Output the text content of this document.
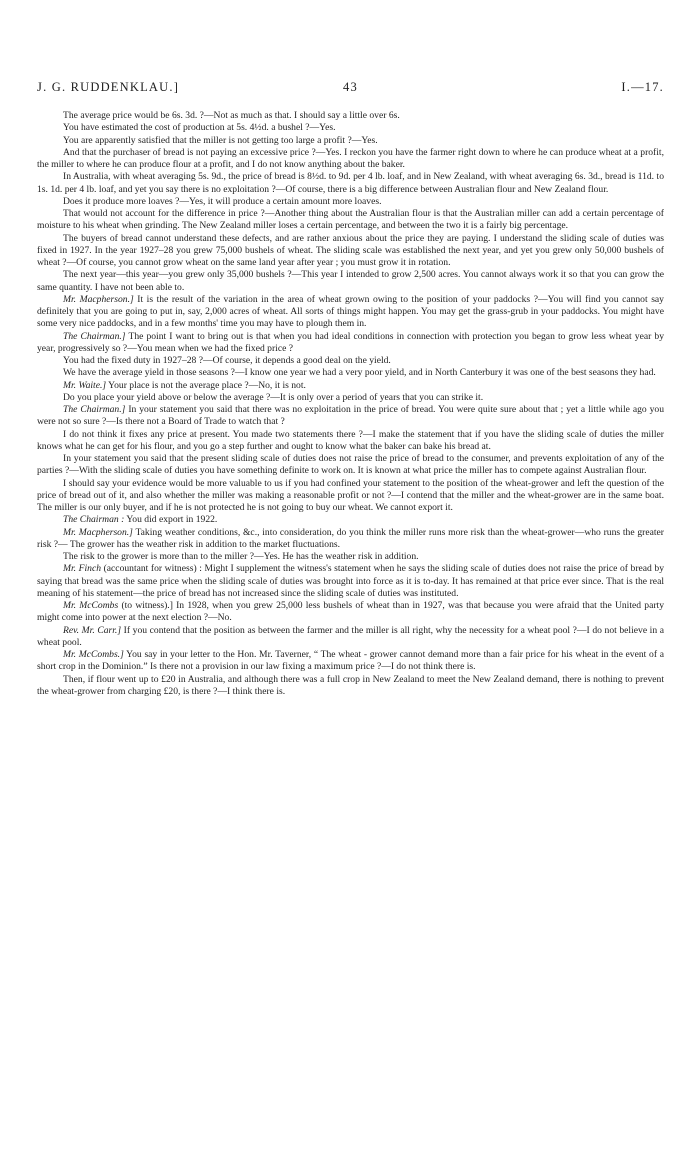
J. G. RUDDENKLAU.]	43	I.—17.

The average price would be 6s. 3d. ?—Not as much as that. I should say a little over 6s.

You have estimated the cost of production at 5s. 4½d. a bushel ?—Yes.

You are apparently satisfied that the miller is not getting too large a profit ?—Yes.

And that the purchaser of bread is not paying an excessive price ?—Yes. I reckon you have the farmer right down to where he can produce wheat at a profit, the miller to where he can produce flour at a profit, and I do not know anything about the baker.

In Australia, with wheat averaging 5s. 9d., the price of bread is 8½d. to 9d. per 4 lb. loaf, and in New Zealand, with wheat averaging 6s. 3d., bread is 11d. to 1s. 1d. per 4 lb. loaf, and yet you say there is no exploitation ?—Of course, there is a big difference between Australian flour and New Zealand flour.

Does it produce more loaves ?—Yes, it will produce a certain amount more loaves.

That would not account for the difference in price ?—Another thing about the Australian flour is that the Australian miller can add a certain percentage of moisture to his wheat when grinding. The New Zealand miller loses a certain percentage, and between the two it is a fairly big percentage.

The buyers of bread cannot understand these defects, and are rather anxious about the price they are paying. I understand the sliding scale of duties was fixed in 1927. In the year 1927–28 you grew 75,000 bushels of wheat. The sliding scale was established the next year, and yet you grew only 50,000 bushels of wheat ?—Of course, you cannot grow wheat on the same land year after year ; you must grow it in rotation.

The next year—this year—you grew only 35,000 bushels ?—This year I intended to grow 2,500 acres. You cannot always work it so that you can grow the same quantity. I have not been able to.

Mr. Macpherson.] It is the result of the variation in the area of wheat grown owing to the position of your paddocks ?—You will find you cannot say definitely that you are going to put in, say, 2,000 acres of wheat. All sorts of things might happen. You may get the grass-grub in your paddocks. You might have some very nice paddocks, and in a few months' time you may have to plough them in.

The Chairman.] The point I want to bring out is that when you had ideal conditions in connection with protection you began to grow less wheat year by year, progressively so ?—You mean when we had the fixed price ?

You had the fixed duty in 1927–28 ?—Of course, it depends a good deal on the yield.

We have the average yield in those seasons ?—I know one year we had a very poor yield, and in North Canterbury it was one of the best seasons they had.

Mr. Waite.] Your place is not the average place ?—No, it is not.

Do you place your yield above or below the average ?—It is only over a period of years that you can strike it.

The Chairman.] In your statement you said that there was no exploitation in the price of bread. You were quite sure about that ; yet a little while ago you were not so sure ?—Is there not a Board of Trade to watch that ?

I do not think it fixes any price at present. You made two statements there ?—I make the statement that if you have the sliding scale of duties the miller knows what he can get for his flour, and you go a step further and ought to know what the baker can bake his bread at.

In your statement you said that the present sliding scale of duties does not raise the price of bread to the consumer, and prevents exploitation of any of the parties ?—With the sliding scale of duties you have something definite to work on. It is known at what price the miller has to compete against Australian flour.

I should say your evidence would be more valuable to us if you had confined your statement to the position of the wheat-grower and left the question of the price of bread out of it, and also whether the miller was making a reasonable profit or not ?—I contend that the miller and the wheat-grower are in the same boat. The miller is our only buyer, and if he is not protected he is not going to buy our wheat. We cannot export it.

The Chairman : You did export in 1922.

Mr. Macpherson.] Taking weather conditions, &c., into consideration, do you think the miller runs more risk than the wheat-grower—who runs the greater risk ?— The grower has the weather risk in addition to the market fluctuations.

The risk to the grower is more than to the miller ?—Yes. He has the weather risk in addition.

Mr. Finch (accountant for witness) : Might I supplement the witness's statement when he says the sliding scale of duties does not raise the price of bread by saying that bread was the same price when the sliding scale of duties was brought into force as it is to-day. It has remained at that price ever since. That is the real meaning of his statement—the price of bread has not increased since the sliding scale of duties was instituted.

Mr. McCombs (to witness).] In 1928, when you grew 25,000 less bushels of wheat than in 1927, was that because you were afraid that the United party might come into power at the next election ?—No.

Rev. Mr. Carr.] If you contend that the position as between the farmer and the miller is all right, why the necessity for a wheat pool ?—I do not believe in a wheat pool.

Mr. McCombs.] You say in your letter to the Hon. Mr. Taverner, “ The wheat - grower cannot demand more than a fair price for his wheat in the event of a short crop in the Dominion.” Is there not a provision in our law fixing a maximum price ?—I do not think there is.

Then, if flour went up to £20 in Australia, and although there was a full crop in New Zealand to meet the New Zealand demand, there is nothing to prevent the wheat-grower from charging £20, is there ?—I think there is.
